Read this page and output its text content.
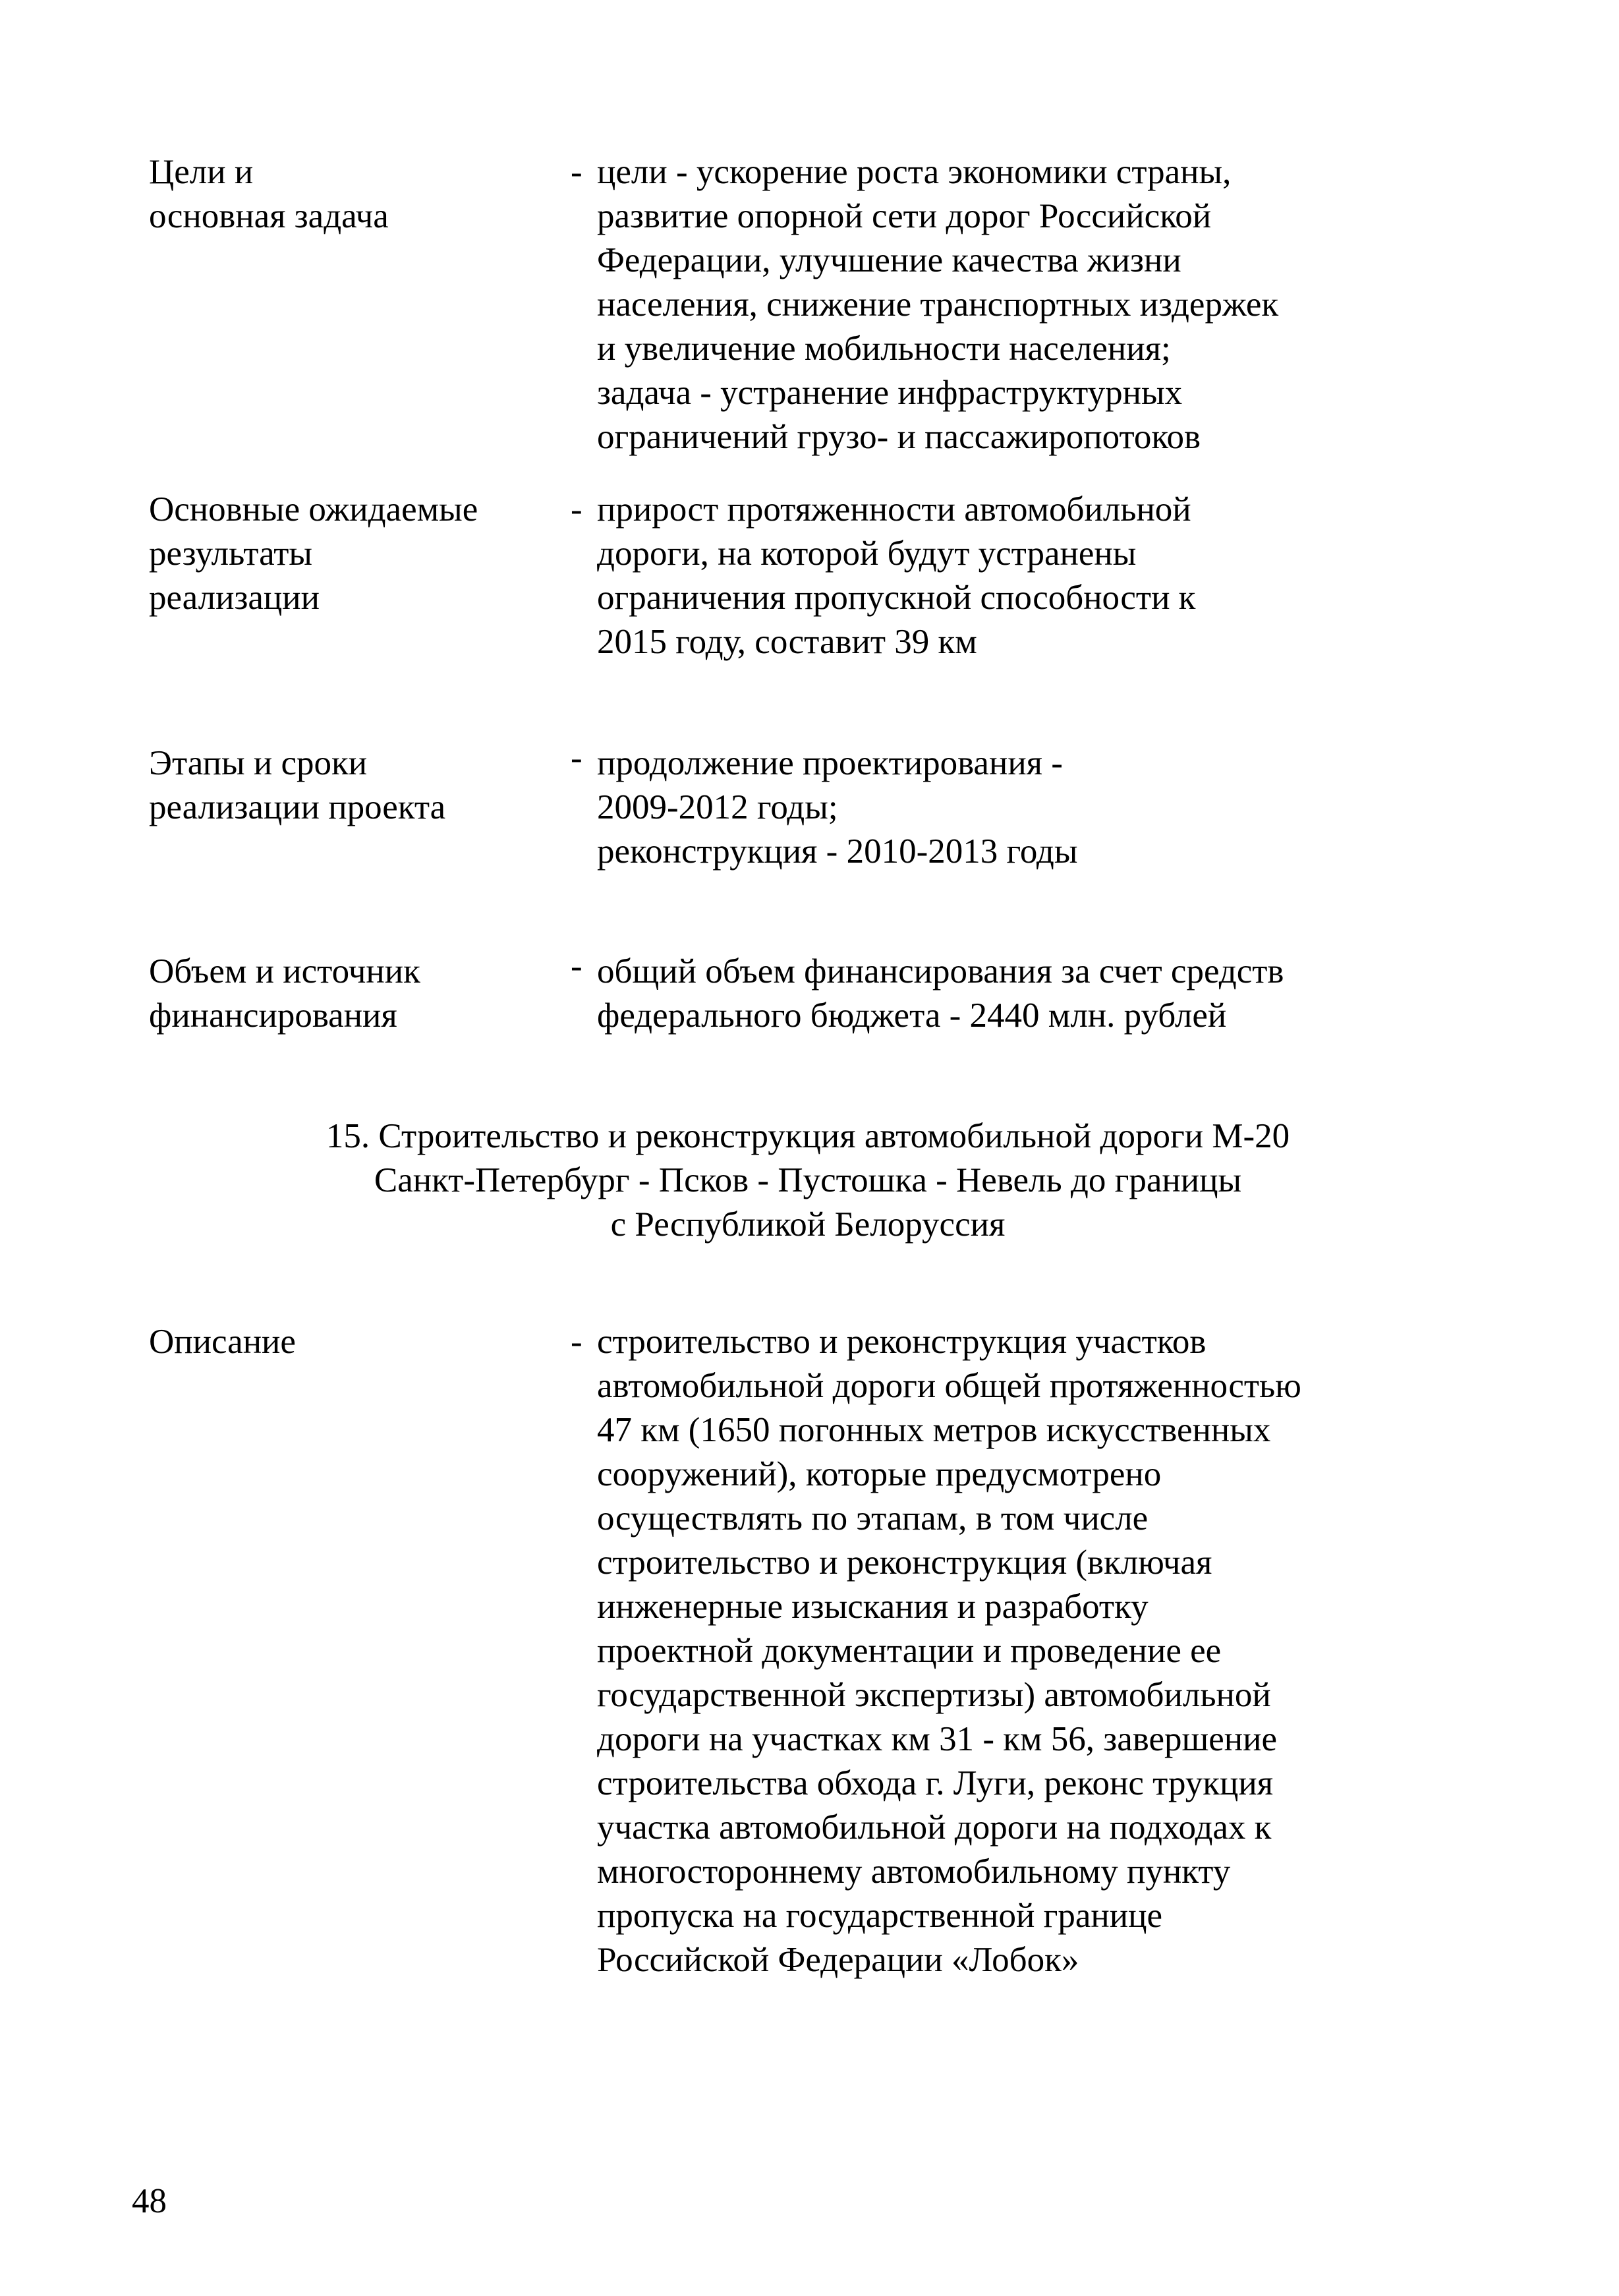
Цели и
основная задача
- цели - ускорение роста экономики страны,
развитие опорной сети дорог Российской
Федерации, улучшение качества жизни
населения, снижение транспортных издержек
и увеличение мобильности населения;
задача - устранение инфраструктурных
ограничений грузо- и пассажиропотоков
Основные ожидаемые
результаты
реализации
- прирост протяженности автомобильной
дороги, на которой будут устранены
ограничения пропускной способности к
2015 году, составит 39 км
Этапы и сроки
реализации проекта
- продолжение проектирования -
2009-2012 годы;
реконструкция - 2010-2013 годы
Объем и источник
финансирования
- общий объем финансирования за счет средств
федерального бюджета - 2440 млн. рублей
15. Строительство и реконструкция автомобильной дороги М-20
Санкт-Петербург - Псков - Пустошка - Невель до границы
с Республикой Белоруссия
Описание	- строительство и реконструкция участков
автомобильной дороги общей протяженностью
47 км (1650 погонных метров искусственных
сооружений), которые предусмотрено
осуществлять по этапам, в том числе
строительство и реконструкция (включая
инженерные изыскания и разработку
проектной документации и проведение ее
государственной экспертизы) автомобильной
дороги на участках км 31 - км 56, завершение
строительства обхода г. Луги, реконс трукция
участка автомобильной дороги на подходах к
многостороннему автомобильному пункту
пропуска на государственной границе
Российской Федерации «Лобок»
48
